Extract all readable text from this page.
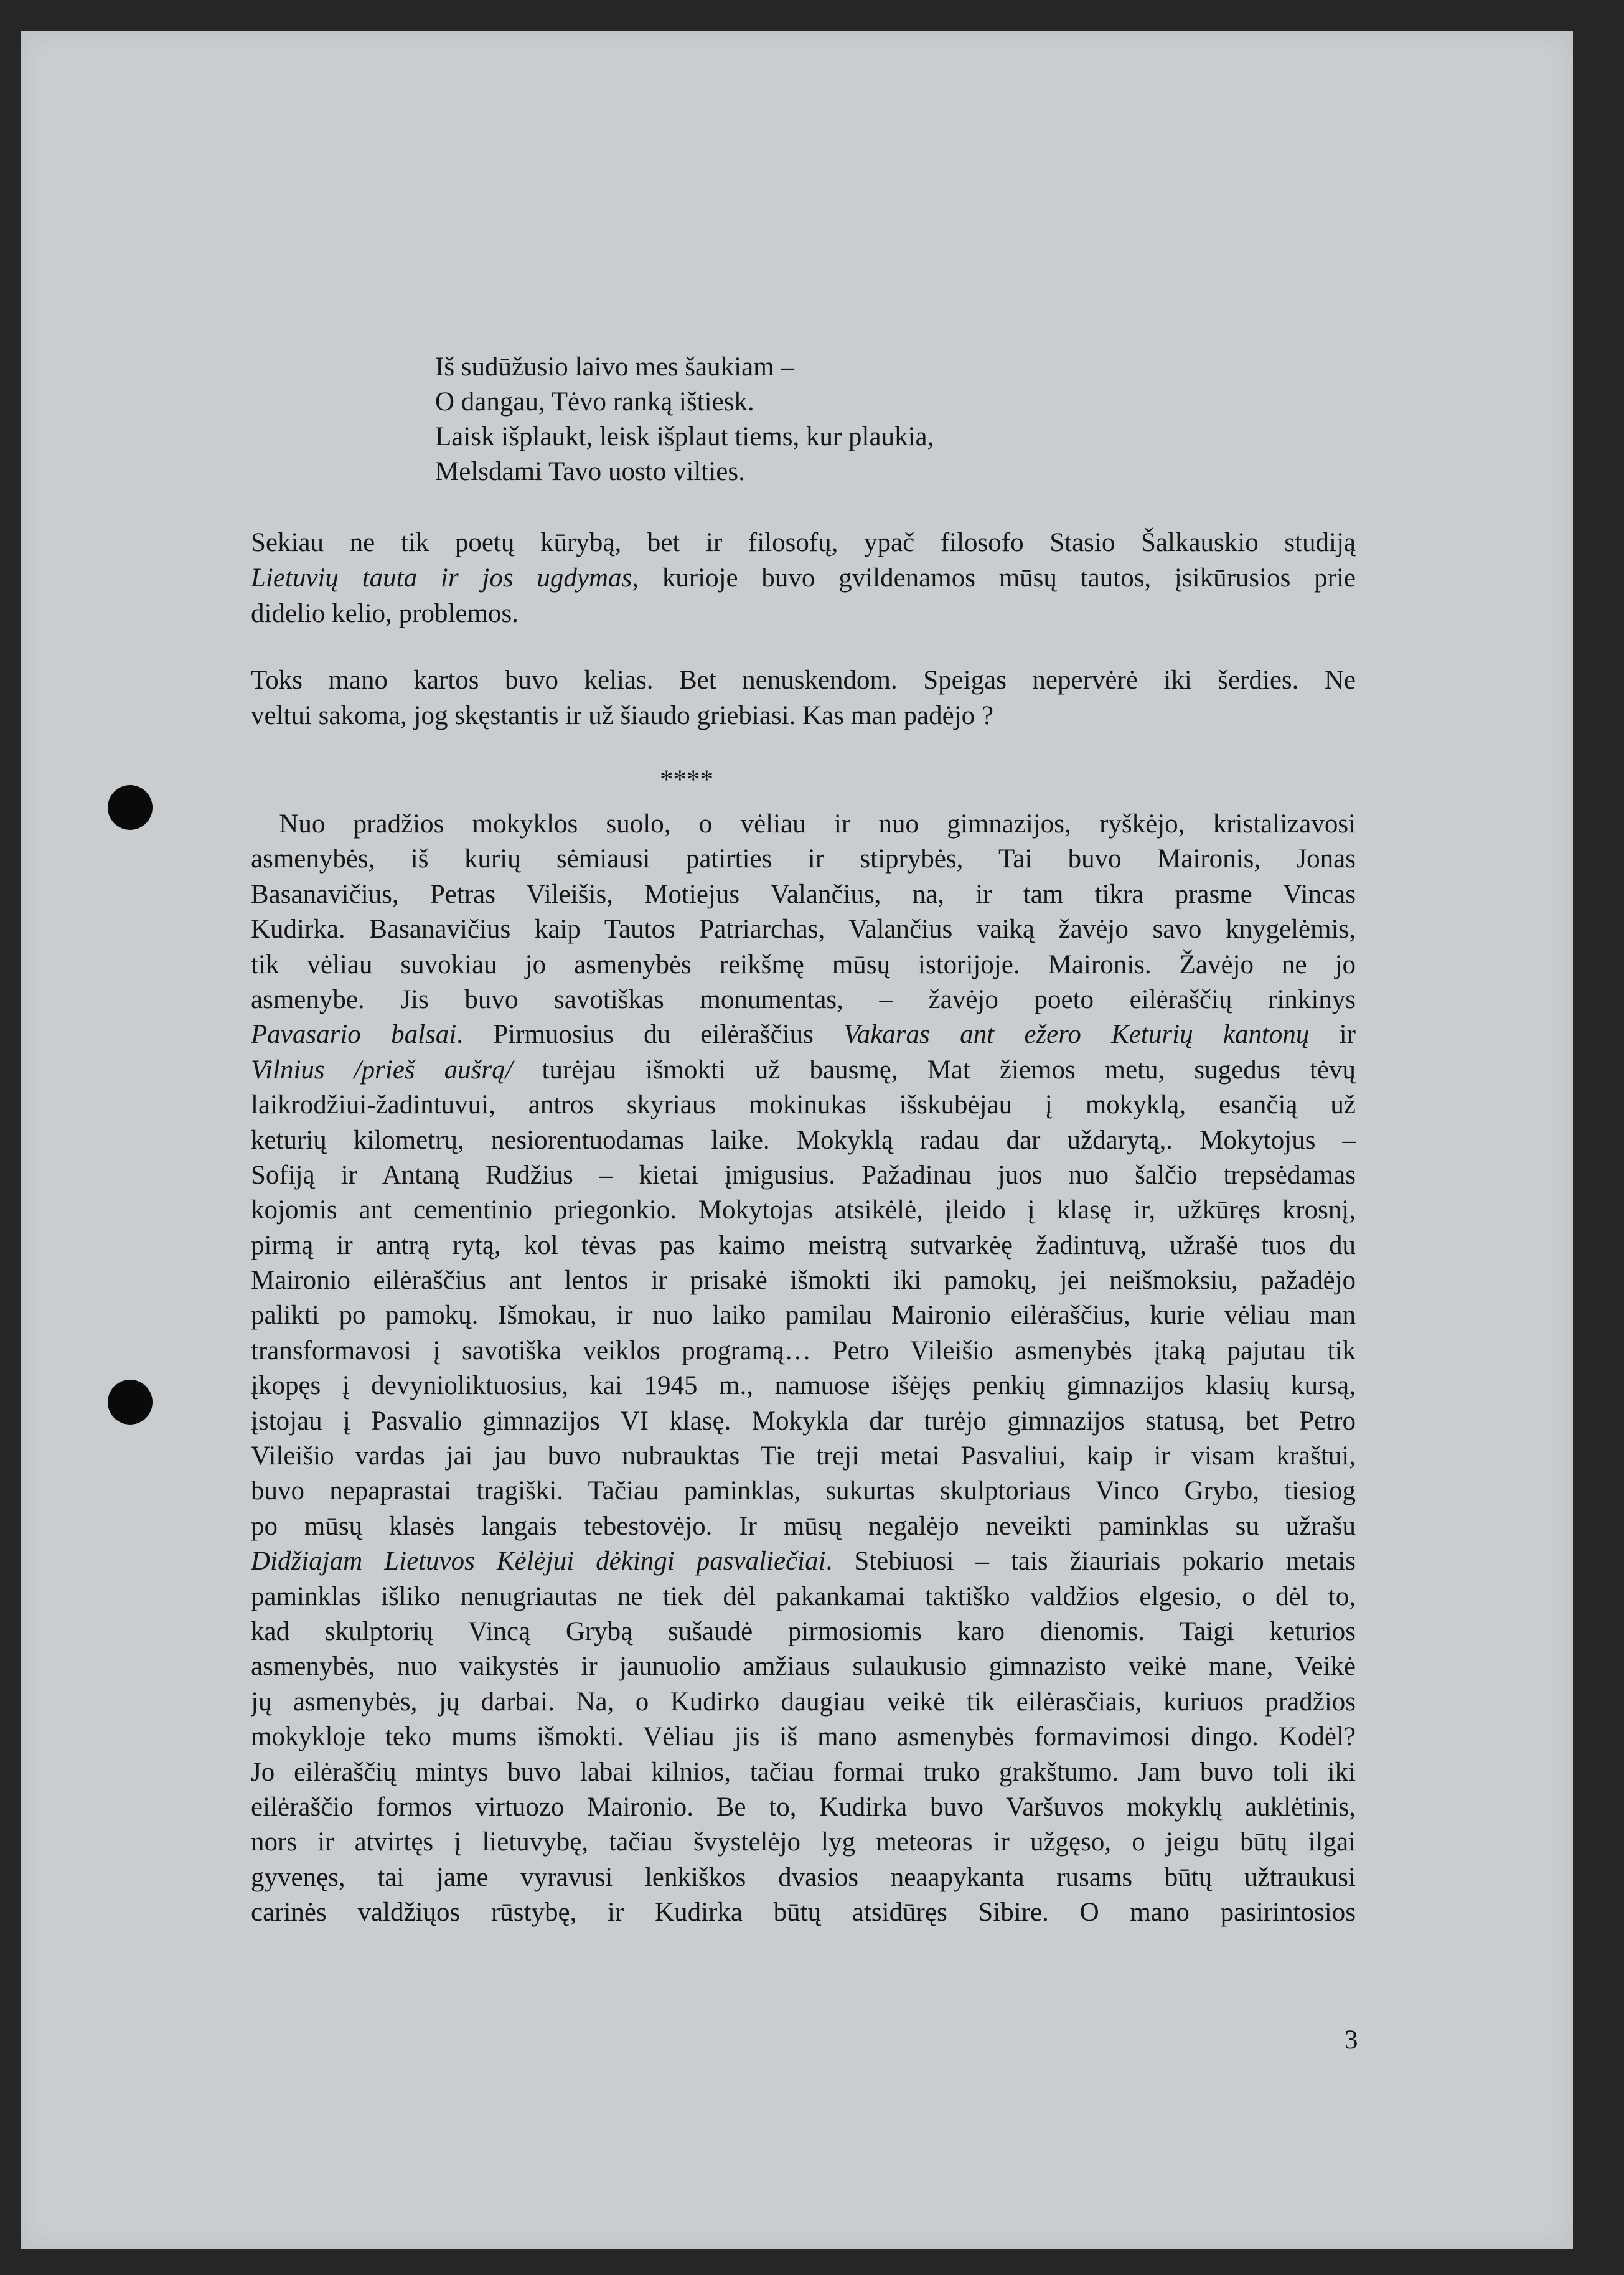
Iš sudūžusio laivo mes šaukiam –
O dangau, Tėvo ranką ištiesk.
Laisk išplaukt, leisk išplaut tiems, kur plaukia,
Melsdami Tavo uosto vilties.
Sekiau ne tik poetų kūrybą, bet ir filosofų, ypač filosofo Stasio Šalkauskio studiją
Lietuvių tauta ir jos ugdymas, kurioje buvo gvildenamos mūsų tautos, įsikūrusios prie
didelio kelio, problemos.
Toks mano kartos buvo kelias. Bet nenuskendom. Speigas nepervėrė iki šerdies. Ne
veltui sakoma, jog skęstantis ir už šiaudo griebiasi. Kas man padėjo ?
****
Nuo pradžios mokyklos suolo, o vėliau ir nuo gimnazijos, ryškėjo, kristalizavosi
asmenybės, iš kurių sėmiausi patirties ir stiprybės, Tai buvo Maironis, Jonas
Basanavičius, Petras Vileišis, Motiejus Valančius, na, ir tam tikra prasme Vincas
Kudirka. Basanavičius kaip Tautos Patriarchas, Valančius vaiką žavėjo savo knygelėmis,
tik vėliau suvokiau jo asmenybės reikšmę mūsų istorijoje. Maironis. Žavėjo ne jo
asmenybe. Jis buvo savotiškas monumentas, – žavėjo poeto eilėraščių rinkinys
Pavasario balsai. Pirmuosius du eilėraščius Vakaras ant ežero Keturių kantonų ir
Vilnius /prieš aušrą/ turėjau išmokti už bausmę, Mat žiemos metu, sugedus tėvų
laikrodžiui-žadintuvui, antros skyriaus mokinukas išskubėjau į mokyklą, esančią už
keturių kilometrų, nesiorentuodamas laike. Mokyklą radau dar uždarytą,. Mokytojus –
Sofiją ir Antaną Rudžius – kietai įmigusius. Pažadinau juos nuo šalčio trepsėdamas
kojomis ant cementinio priegonkio. Mokytojas atsikėlė, įleido į klasę ir, užkūręs krosnį,
pirmą ir antrą rytą, kol tėvas pas kaimo meistrą sutvarkėę žadintuvą, užrašė tuos du
Maironio eilėraščius ant lentos ir prisakė išmokti iki pamokų, jei neišmoksiu, pažadėjo
palikti po pamokų. Išmokau, ir nuo laiko pamilau Maironio eilėraščius, kurie vėliau man
transformavosi į savotiška veiklos programą… Petro Vileišio asmenybės įtaką pajutau tik
įkopęs į devynioliktuosius, kai 1945 m., namuose išėjęs penkių gimnazijos klasių kursą,
įstojau į Pasvalio gimnazijos VI klasę. Mokykla dar turėjo gimnazijos statusą, bet Petro
Vileišio vardas jai jau buvo nubrauktas Tie treji metai Pasvaliui, kaip ir visam kraštui,
buvo nepaprastai tragiški. Tačiau paminklas, sukurtas skulptoriaus Vinco Grybo, tiesiog
po mūsų klasės langais tebestovėjo. Ir mūsų negalėjo neveikti paminklas su užrašu
Didžiajam Lietuvos Kėlėjui dėkingi pasvaliečiai. Stebiuosi – tais žiauriais pokario metais
paminklas išliko nenugriautas ne tiek dėl pakankamai taktiško valdžios elgesio, o dėl to,
kad skulptorių Vincą Grybą sušaudė pirmosiomis karo dienomis. Taigi keturios
asmenybės, nuo vaikystės ir jaunuolio amžiaus sulaukusio gimnazisto veikė mane, Veikė
jų asmenybės, jų darbai. Na, o Kudirko daugiau veikė tik eilėrasčiais, kuriuos pradžios
mokykloje teko mums išmokti. Vėliau jis iš mano asmenybės formavimosi dingo. Kodėl?
Jo eilėraščių mintys buvo labai kilnios, tačiau formai truko grakštumo. Jam buvo toli iki
eilėraščio formos virtuozo Maironio. Be to, Kudirka buvo Varšuvos mokyklų auklėtinis,
nors ir atvirtęs į lietuvybę, tačiau švystelėjo lyg meteoras ir užgęso, o jeigu būtų ilgai
gyvenęs, tai jame vyravusi lenkiškos dvasios neaapykanta rusams būtų užtraukusi
carinės valdžiųos rūstybę, ir Kudirka būtų atsidūręs Sibire. O mano pasirintosios
3
